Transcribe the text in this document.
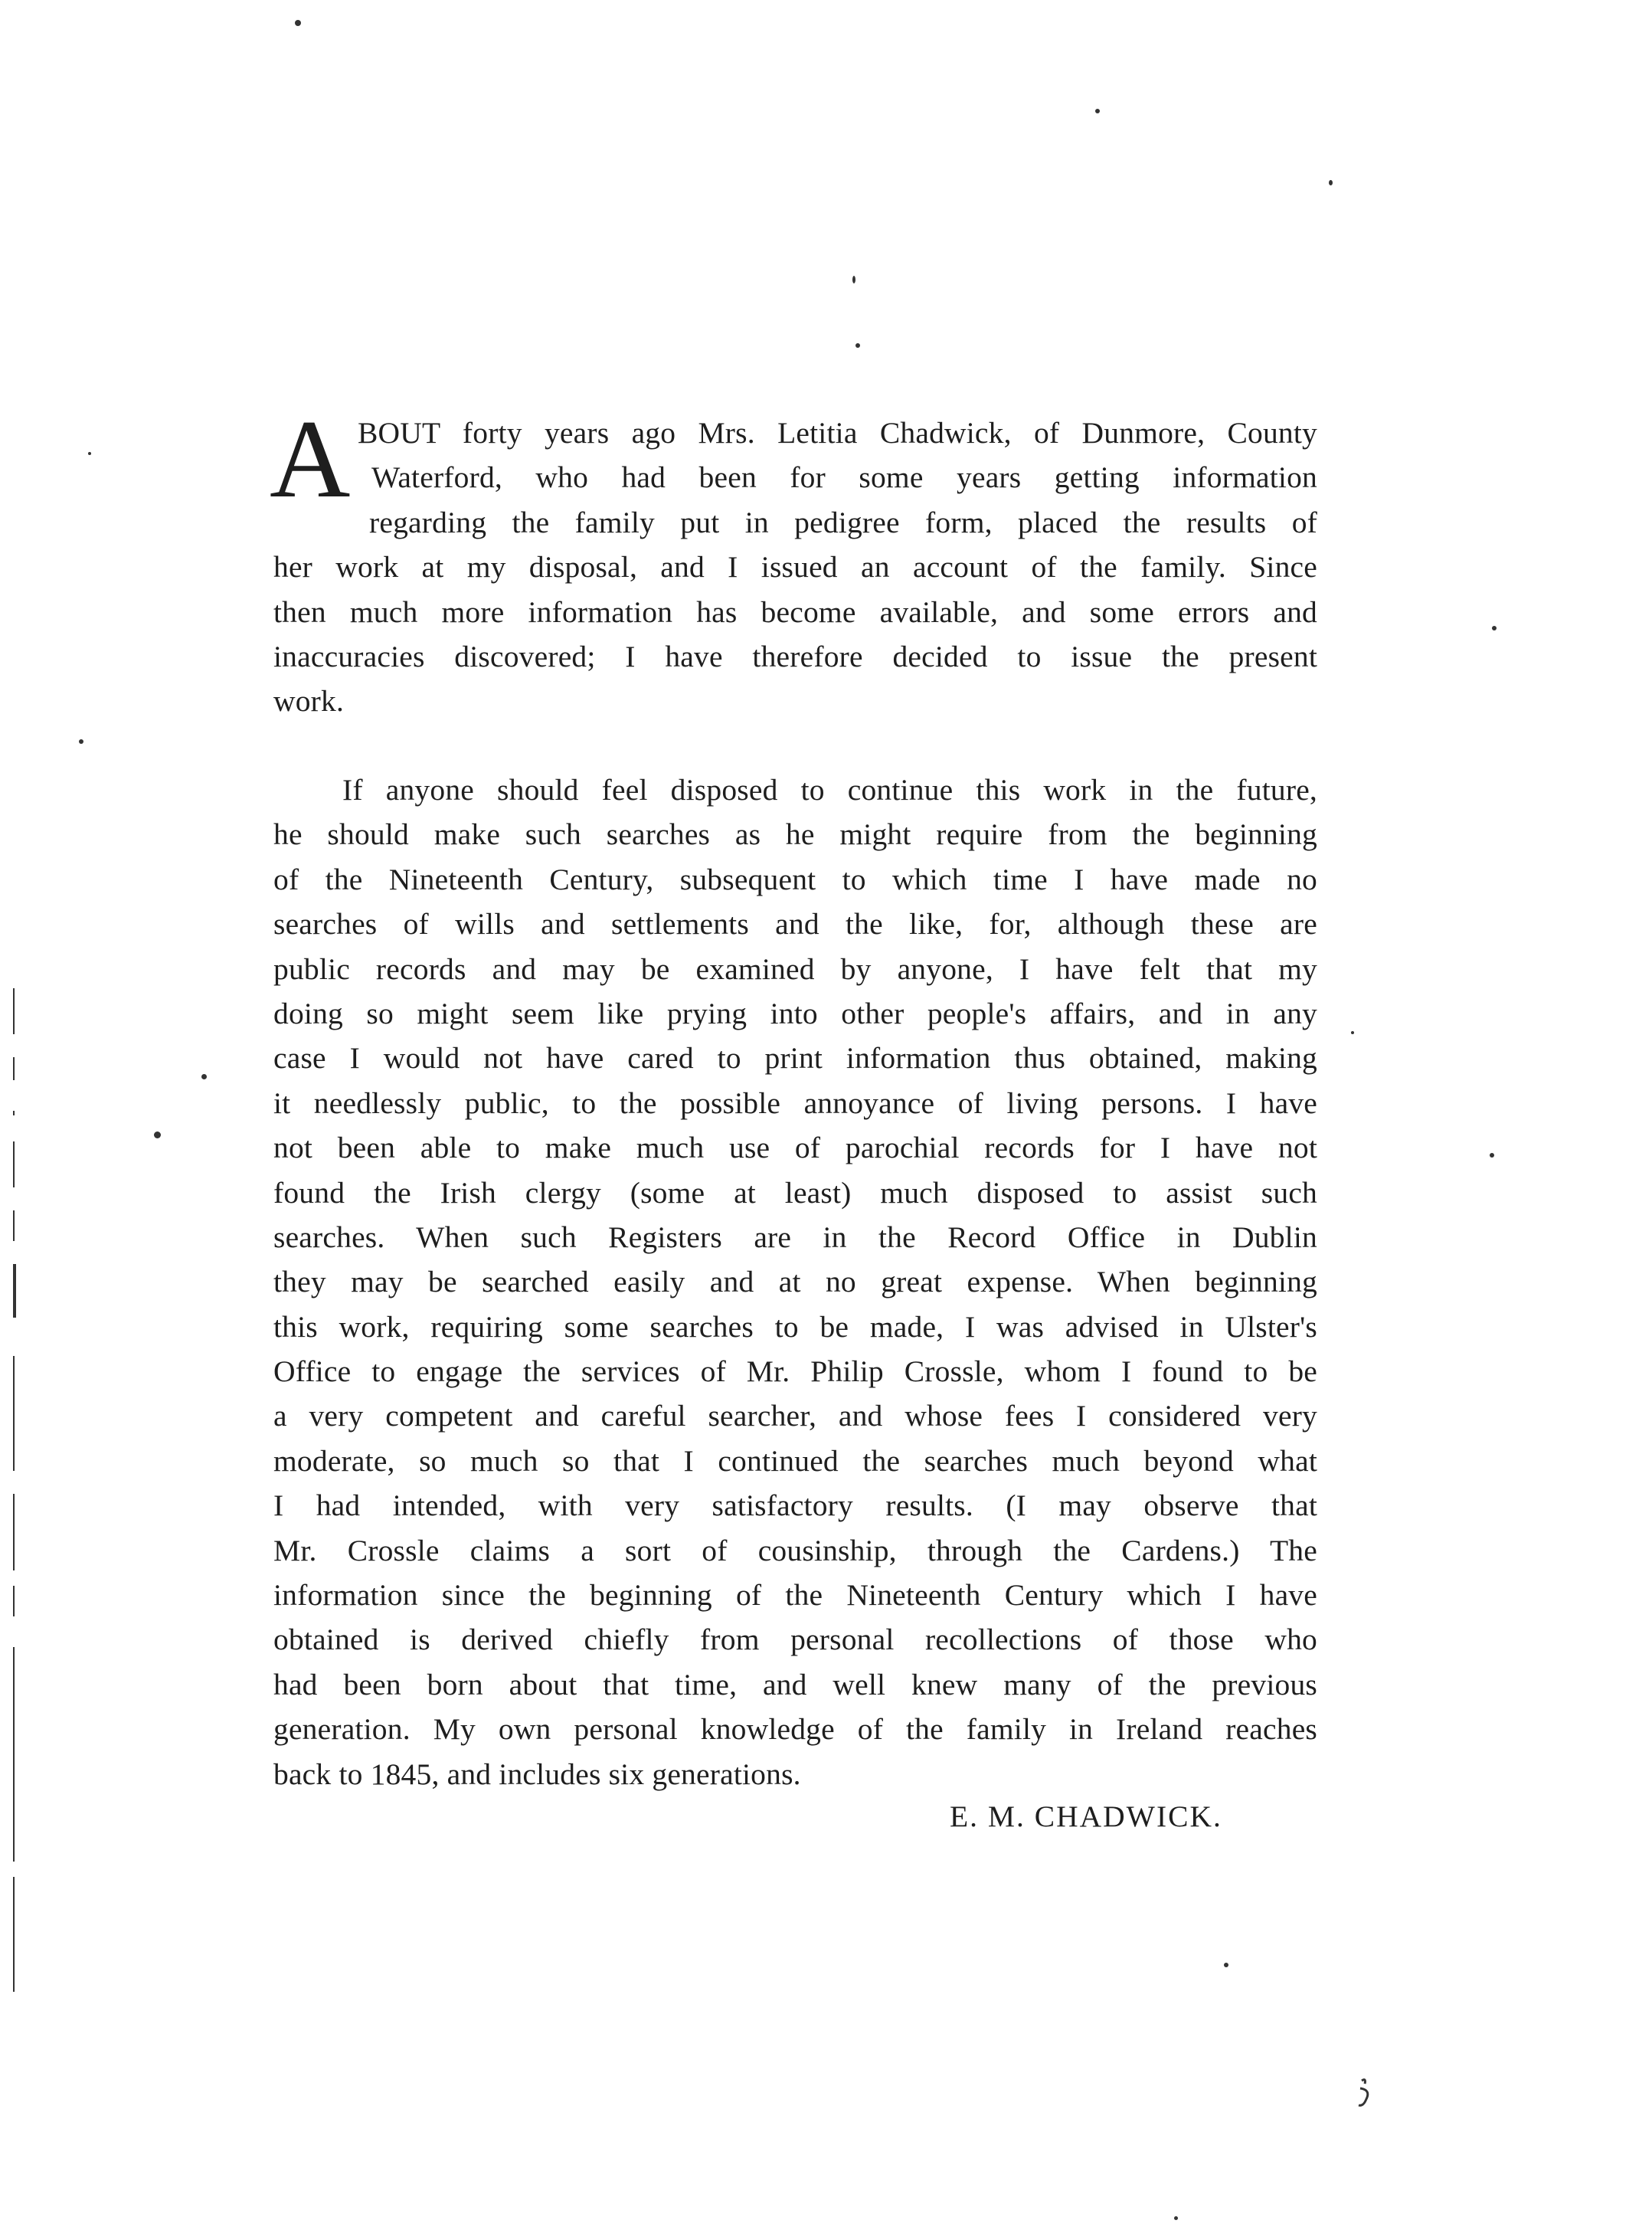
A BOUT forty years ago Mrs. Letitia Chadwick, of Dunmore, County
Waterford, who had been for some years getting information
regarding the family put in pedigree form, placed the results of
her work at my disposal, and I issued an account of the family. Since
then much more information has become available, and some errors and
inaccuracies discovered; I have therefore decided to issue the present
work.
If anyone should feel disposed to continue this work in the future,
he should make such searches as he might require from the beginning
of the Nineteenth Century, subsequent to which time I have made no
searches of wills and settlements and the like, for, although these are
public records and may be examined by anyone, I have felt that my
doing so might seem like prying into other people's affairs, and in any
case I would not have cared to print information thus obtained, making
it needlessly public, to the possible annoyance of living persons. I have
not been able to make much use of parochial records for I have not
found the Irish clergy (some at least) much disposed to assist such
searches. When such Registers are in the Record Office in Dublin
they may be searched easily and at no great expense. When beginning
this work, requiring some searches to be made, I was advised in Ulster's
Office to engage the services of Mr. Philip Crossle, whom I found to be
a very competent and careful searcher, and whose fees I considered very
moderate, so much so that I continued the searches much beyond what
I had intended, with very satisfactory results. (I may observe that
Mr. Crossle claims a sort of cousinship, through the Cardens.) The
information since the beginning of the Nineteenth Century which I have
obtained is derived chiefly from personal recollections of those who
had been born about that time, and well knew many of the previous
generation. My own personal knowledge of the family in Ireland reaches
back to 1845, and includes six generations.
E. M. CHADWICK.
